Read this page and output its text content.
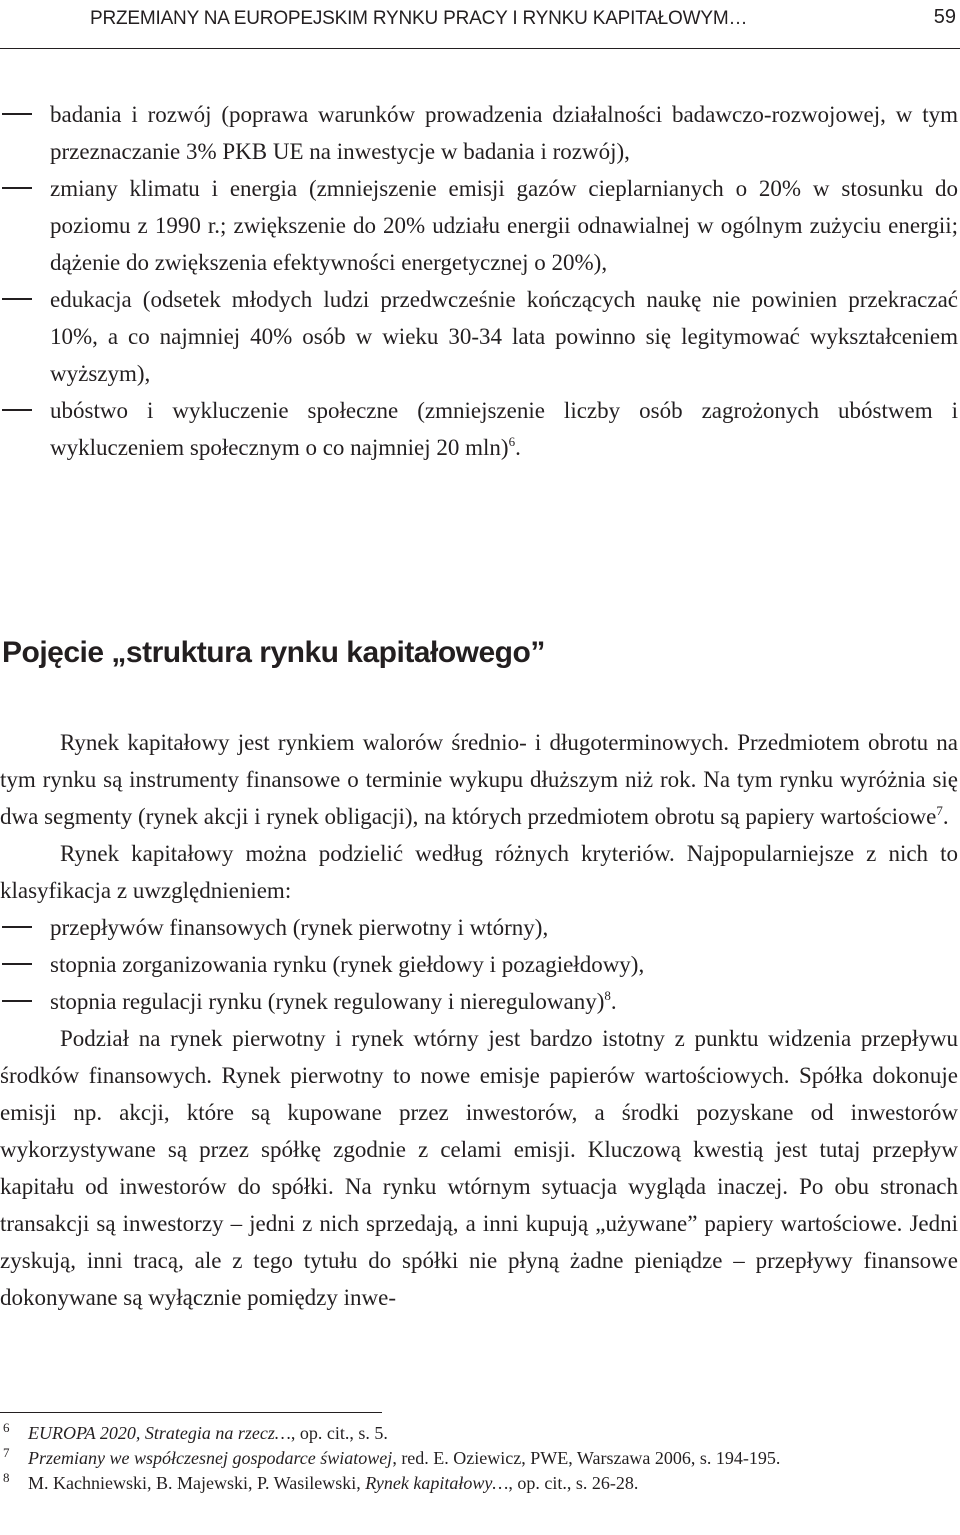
PRZEMIANY NA EUROPEJSKIM RYNKU PRACY I RYNKU KAPITAŁOWYM…	59
badania i rozwój (poprawa warunków prowadzenia działalności badawczo-rozwojowej, w tym przeznaczanie 3% PKB UE na inwestycje w badania i rozwój),
zmiany klimatu i energia (zmniejszenie emisji gazów cieplarnianych o 20% w stosunku do poziomu z 1990 r.; zwiększenie do 20% udziału energii odnawialnej w ogólnym zużyciu energii; dążenie do zwiększenia efektywności energetycznej o 20%),
edukacja (odsetek młodych ludzi przedwcześnie kończących naukę nie powinien przekraczać 10%, a co najmniej 40% osób w wieku 30-34 lata powinno się legitymować wykształceniem wyższym),
ubóstwo i wykluczenie społeczne (zmniejszenie liczby osób zagrożonych ubóstwem i wykluczeniem społecznym o co najmniej 20 mln)$^6$.
Pojęcie „struktura rynku kapitałowego”

Rynek kapitałowy jest rynkiem walorów średnio- i długoterminowych. Przedmiotem obrotu na tym rynku są instrumenty finansowe o terminie wykupu dłuższym niż rok. Na tym rynku wyróżnia się dwa segmenty (rynek akcji i rynek obligacji), na których przedmiotem obrotu są papiery wartościowe$^7$.

Rynek kapitałowy można podzielić według różnych kryteriów. Najpopularniejsze z nich to klasyfikacja z uwzględnieniem:

przepływów finansowych (rynek pierwotny i wtórny),
stopnia zorganizowania rynku (rynek giełdowy i pozagiełdowy),
stopnia regulacji rynku (rynek regulowany i nieregulowany)$^8$.

Podział na rynek pierwotny i rynek wtórny jest bardzo istotny z punktu widzenia przepływu środków finansowych. Rynek pierwotny to nowe emisje papierów wartościowych. Spółka dokonuje emisji np. akcji, które są kupowane przez inwestorów, a środki pozyskane od inwestorów wykorzystywane są przez spółkę zgodnie z celami emisji. Kluczową kwestią jest tutaj przepływ kapitału od inwestorów do spółki. Na rynku wtórnym sytuacja wygląda inaczej. Po obu stronach transakcji są inwestorzy – jedni z nich sprzedają, a inni kupują „używane” papiery wartościowe. Jedni zyskują, inni tracą, ale z tego tytułu do spółki nie płyną żadne pieniądze – przepływy finansowe dokonywane są wyłącznie pomiędzy inwe-

6 EUROPA 2020, Strategia na rzecz…, op. cit., s. 5.
7 Przemiany we współczesnej gospodarce światowej, red. E. Oziewicz, PWE, Warszawa 2006, s. 194-195.
8 M. Kachniewski, B. Majewski, P. Wasilewski, Rynek kapitałowy…, op. cit., s. 26-28.
